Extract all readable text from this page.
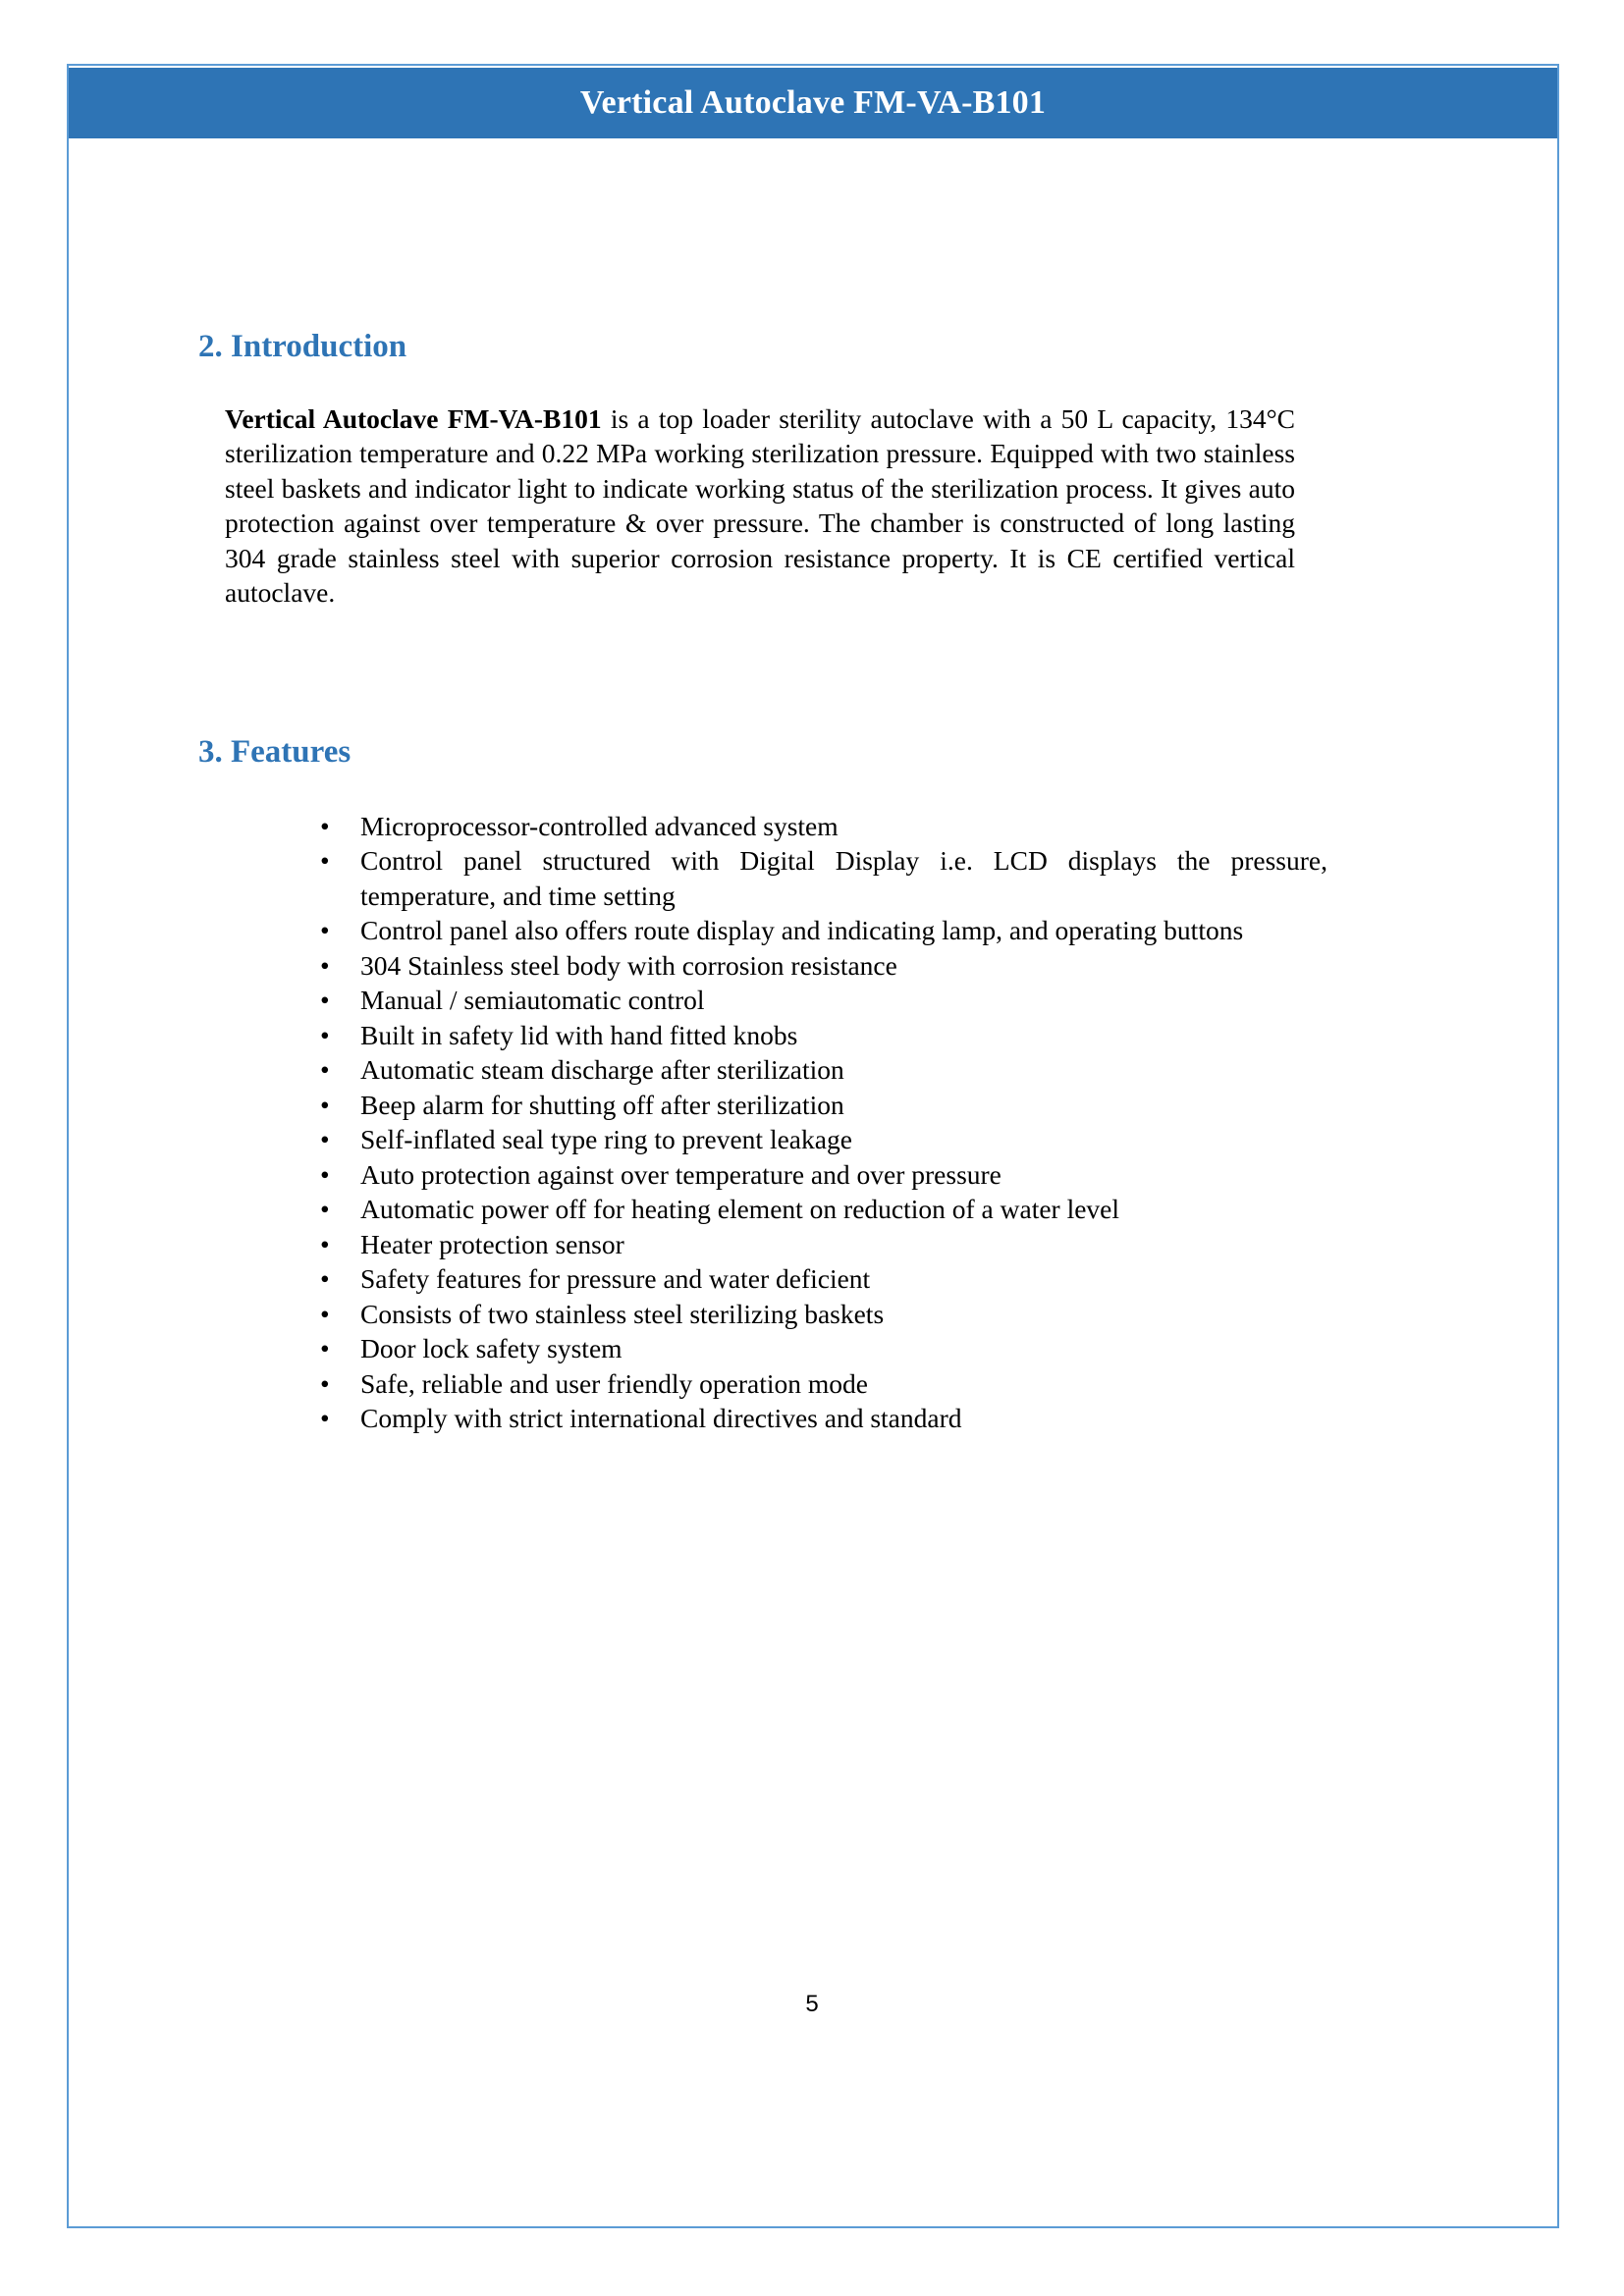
Vertical Autoclave FM-VA-B101
2. Introduction

Vertical Autoclave FM-VA-B101 is a top loader sterility autoclave with a 50 L capacity, 134°C sterilization temperature and 0.22 MPa working sterilization pressure. Equipped with two stainless steel baskets and indicator light to indicate working status of the sterilization process. It gives auto protection against over temperature & over pressure. The chamber is constructed of long lasting 304 grade stainless steel with superior corrosion resistance property. It is CE certified vertical autoclave.

3. Features
• Microprocessor-controlled advanced system
• Control panel structured with Digital Display i.e. LCD displays the pressure, temperature, and time setting
• Control panel also offers route display and indicating lamp, and operating buttons
• 304 Stainless steel body with corrosion resistance
• Manual / semiautomatic control
• Built in safety lid with hand fitted knobs
• Automatic steam discharge after sterilization
• Beep alarm for shutting off after sterilization
• Self-inflated seal type ring to prevent leakage
• Auto protection against over temperature and over pressure
• Automatic power off for heating element on reduction of a water level
• Heater protection sensor
• Safety features for pressure and water deficient
• Consists of two stainless steel sterilizing baskets
• Door lock safety system
• Safe, reliable and user friendly operation mode
• Comply with strict international directives and standard
5
